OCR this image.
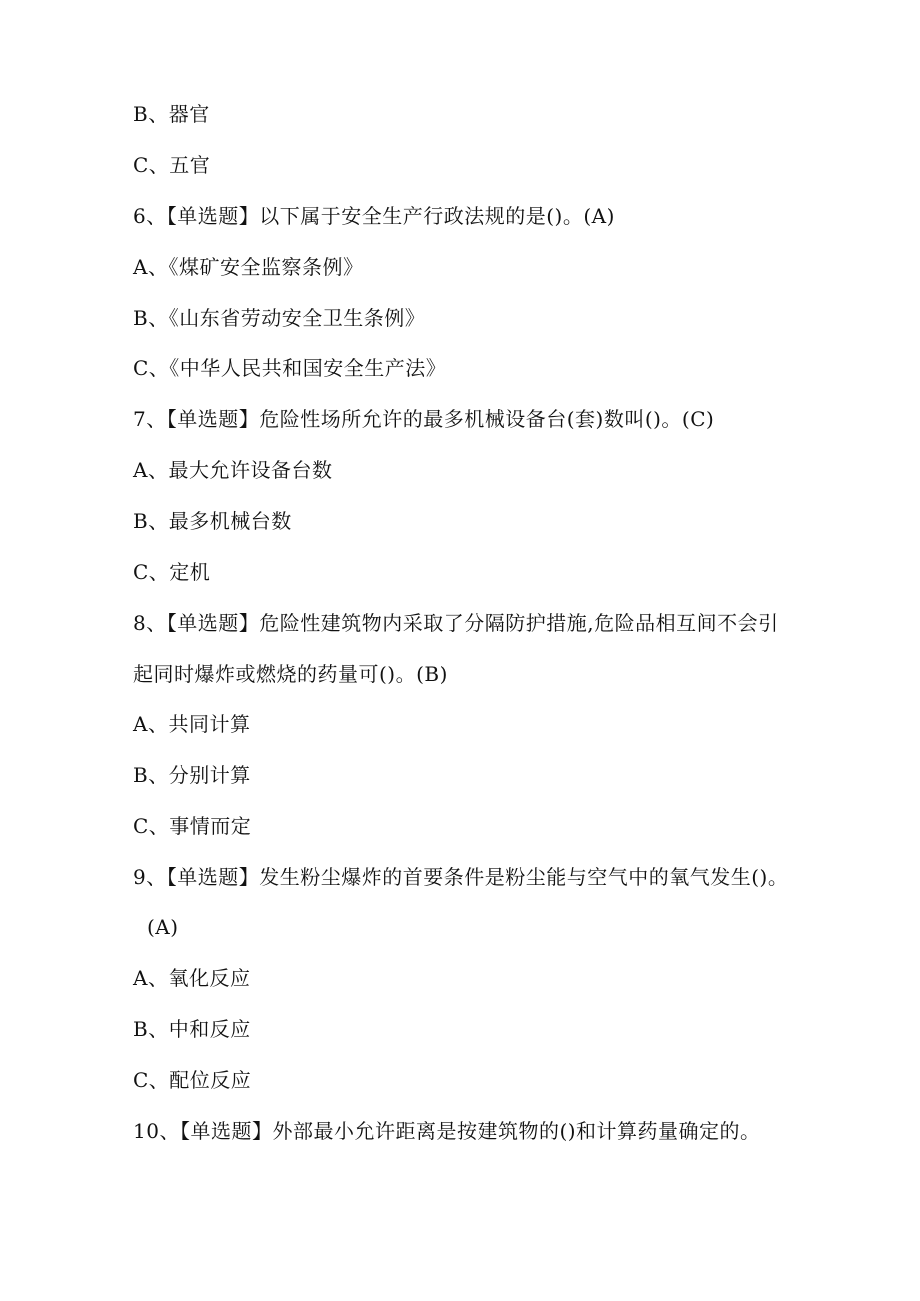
B、器官
C、五官
6、【单选题】以下属于安全生产行政法规的是()。(A)
A、《煤矿安全监察条例》
B、《山东省劳动安全卫生条例》
C、《中华人民共和国安全生产法》
7、【单选题】危险性场所允许的最多机械设备台(套)数叫()。(C)
A、最大允许设备台数
B、最多机械台数
C、定机
8、【单选题】危险性建筑物内采取了分隔防护措施,危险品相互间不会引
起同时爆炸或燃烧的药量可()。(B)
A、共同计算
B、分别计算
C、事情而定
9、【单选题】发生粉尘爆炸的首要条件是粉尘能与空气中的氧气发生()。
(A)
A、氧化反应
B、中和反应
C、配位反应
10、【单选题】外部最小允许距离是按建筑物的()和计算药量确定的。
